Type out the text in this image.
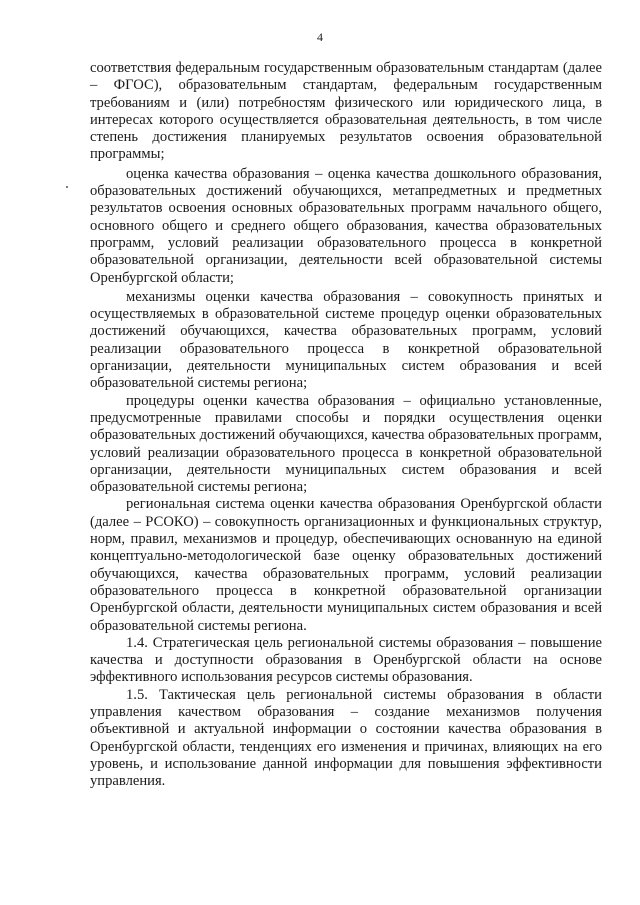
4

соответствия федеральным государственным образовательным стандартам (далее – ФГОС), образовательным стандартам, федеральным государственным требованиям и (или) потребностям физического или юридического лица, в интересах которого осуществляется образовательная деятельность, в том числе степень достижения планируемых результатов освоения образовательной программы;

оценка качества образования – оценка качества дошкольного образования, образовательных достижений обучающихся, метапредметных и предметных результатов освоения основных образовательных программ начального общего, основного общего и среднего общего образования, качества образовательных программ, условий реализации образовательного процесса в конкретной образовательной организации, деятельности всей образовательной системы Оренбургской области;

механизмы оценки качества образования – совокупность принятых и осуществляемых в образовательной системе процедур оценки образовательных достижений обучающихся, качества образовательных программ, условий реализации образовательного процесса в конкретной образовательной организации, деятельности муниципальных систем образования и всей образовательной системы региона;

процедуры оценки качества образования – официально установленные, предусмотренные правилами способы и порядки осуществления оценки образовательных достижений обучающихся, качества образовательных программ, условий реализации образовательного процесса в конкретной образовательной организации, деятельности муниципальных систем образования и всей образовательной системы региона;

региональная система оценки качества образования Оренбургской области (далее – РСОКО) – совокупность организационных и функциональных структур, норм, правил, механизмов и процедур, обеспечивающих основанную на единой концептуально-методологической базе оценку образовательных достижений обучающихся, качества образовательных программ, условий реализации образовательного процесса в конкретной образовательной организации Оренбургской области, деятельности муниципальных систем образования и всей образовательной системы региона.

1.4. Стратегическая цель региональной системы образования – повышение качества и доступности образования в Оренбургской области на основе эффективного использования ресурсов системы образования.

1.5. Тактическая цель региональной системы образования в области управления качеством образования – создание механизмов получения объективной и актуальной информации о состоянии качества образования в Оренбургской области, тенденциях его изменения и причинах, влияющих на его уровень, и использование данной информации для повышения эффективности управления.
